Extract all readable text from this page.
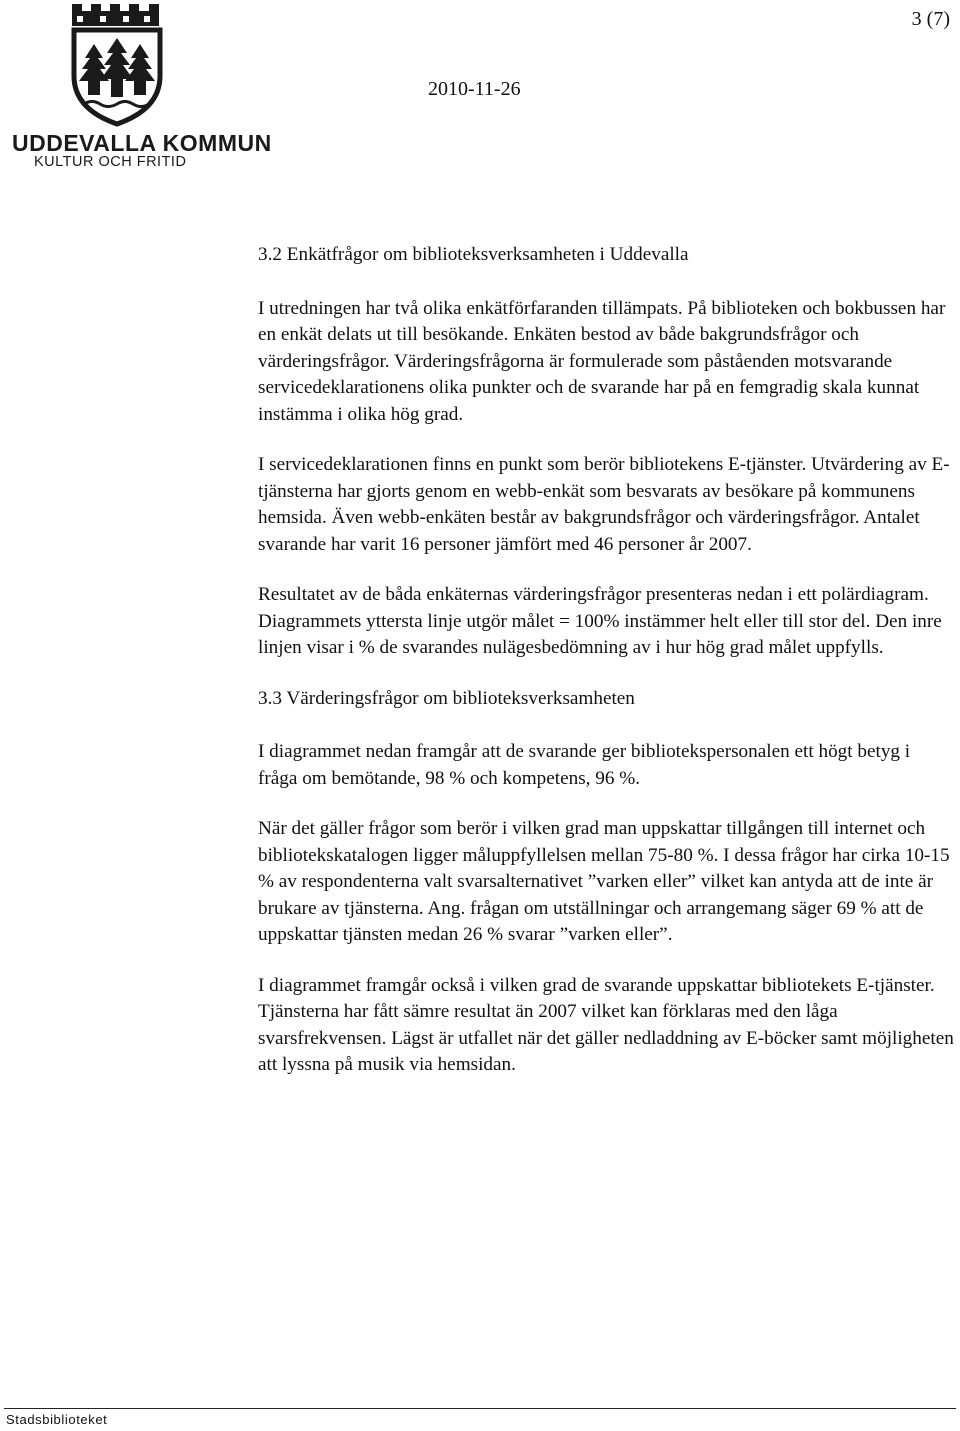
UDDEVALLA KOMMUN
KULTUR OCH FRITID
3 (7)
2010-11-26
3.2 Enkätfrågor om biblioteksverksamheten i Uddevalla

I utredningen har två olika enkätförfaranden tillämpats. På biblioteken och bokbussen har en enkät delats ut till besökande. Enkäten bestod av både bakgrundsfrågor och värderingsfrågor. Värderingsfrågorna är formulerade som påståenden motsvarande servicedeklarationens olika punkter och de svarande har på en femgradig skala kunnat instämma i olika hög grad.

I servicedeklarationen finns en punkt som berör bibliotekens E-tjänster. Utvärdering av E-tjänsterna har gjorts genom en webb-enkät som besvarats av besökare på kommunens hemsida. Även webb-enkäten består av bakgrundsfrågor och värderingsfrågor. Antalet svarande har varit 16 personer jämfört med 46 personer år 2007.

Resultatet av de båda enkäternas värderingsfrågor presenteras nedan i ett polärdiagram. Diagrammets yttersta linje utgör målet = 100% instämmer helt eller till stor del. Den inre linjen visar i % de svarandes nulägesbedömning av i hur hög grad målet uppfylls.

3.3 Värderingsfrågor om biblioteksverksamheten

I diagrammet nedan framgår att de svarande ger bibliotekspersonalen ett högt betyg i fråga om bemötande, 98 % och kompetens, 96 %.

När det gäller frågor som berör i vilken grad man uppskattar tillgången till internet och bibliotekskatalogen ligger måluppfyllelsen mellan 75-80 %. I dessa frågor har cirka 10-15 % av respondenterna valt svarsalternativet ”varken eller” vilket kan antyda att de inte är brukare av tjänsterna. Ang. frågan om utställningar och arrangemang säger 69 % att de uppskattar tjänsten medan 26 % svarar ”varken eller”.

I diagrammet framgår också i vilken grad de svarande uppskattar bibliotekets E-tjänster. Tjänsterna har fått sämre resultat än 2007 vilket kan förklaras med den låga svarsfrekvensen. Lägst är utfallet när det gäller nedladdning av E-böcker samt möjligheten att lyssna på musik via hemsidan.

Stadsbiblioteket
